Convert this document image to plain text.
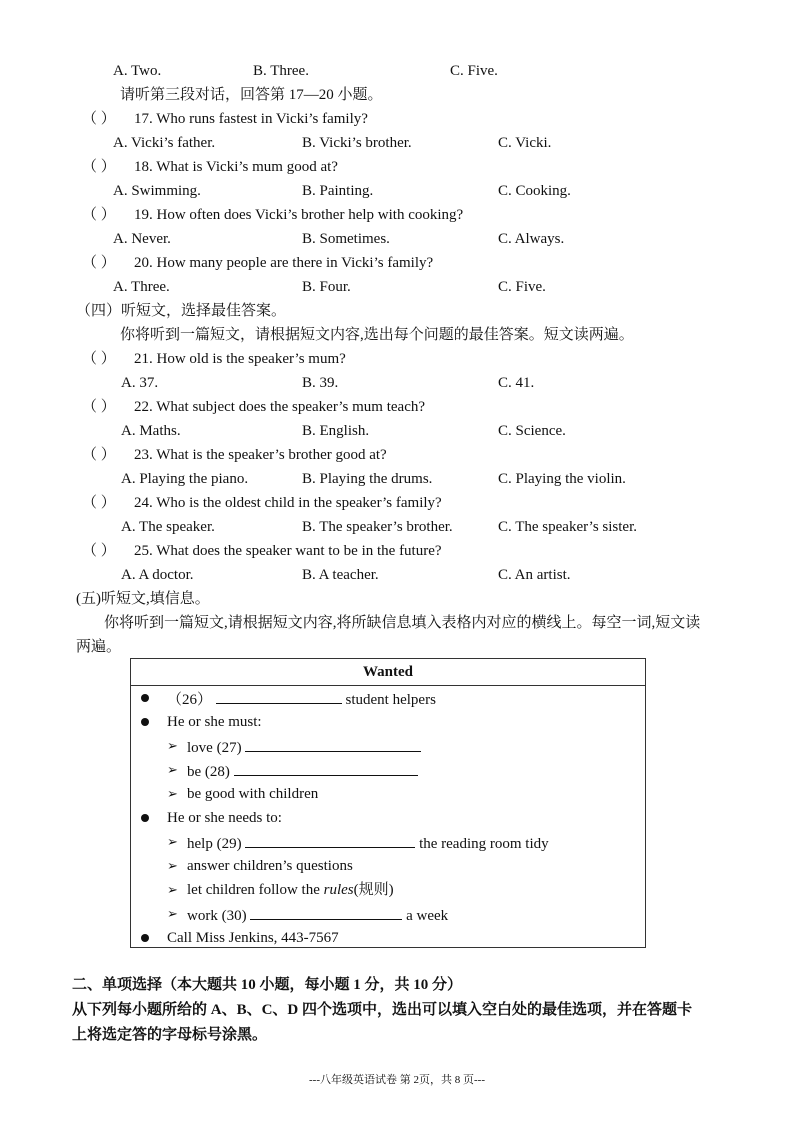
A. Two.	B. Three.	C. Five.
请听第三段对话，回答第 17—20 小题。
（ ） 17. Who runs fastest in Vicki’s family?
A. Vicki’s father.	B. Vicki’s brother.	C. Vicki.
（ ） 18. What is Vicki’s mum good at?
A. Swimming.	B. Painting.	C. Cooking.
（ ） 19. How often does Vicki’s brother help with cooking?
A. Never.	B. Sometimes.	C. Always.
（ ） 20. How many people are there in Vicki’s family?
A. Three.	B. Four.	C. Five.
（四）听短文，选择最佳答案。
你将听到一篇短文，请根据短文内容,选出每个问题的最佳答案。短文读两遍。
（ ） 21. How old is the speaker’s mum?
A. 37.	B. 39.	C. 41.
（ ） 22. What subject does the speaker’s mum teach?
A. Maths.	B. English.	C. Science.
（ ） 23. What is the speaker’s brother good at?
A. Playing the piano.	B. Playing the drums.	C. Playing the violin.
（ ） 24. Who is the oldest child in the speaker’s family?
A. The speaker.	B. The speaker’s brother.	C. The speaker’s sister.
（ ） 25. What does the speaker want to be in the future?
A. A doctor.	B. A teacher.	C. An artist.
(五)听短文,填信息。
你将听到一篇短文,请根据短文内容,将所缺信息填入表格内对应的横线上。每空一词,短文读
两遍。
Wanted
（26）	student helpers
He or she must:
➢ love (27)
➢ be (28)
➢ be good with children
He or she needs to:
➢ help (29)	the reading room tidy
➢ answer children’s questions
➢ let children follow the rules(规则)
➢ work (30)	a week
Call Miss Jenkins, 443-7567
二、单项选择（本大题共 10 小题，每小题 1 分，共 10 分）
从下列每小题所给的 A、B、C、D 四个选项中，选出可以填入空白处的最佳选项，并在答题卡
上将选定答的字母标号涂黑。
---八年级英语试卷 第 2页，共 8 页---
